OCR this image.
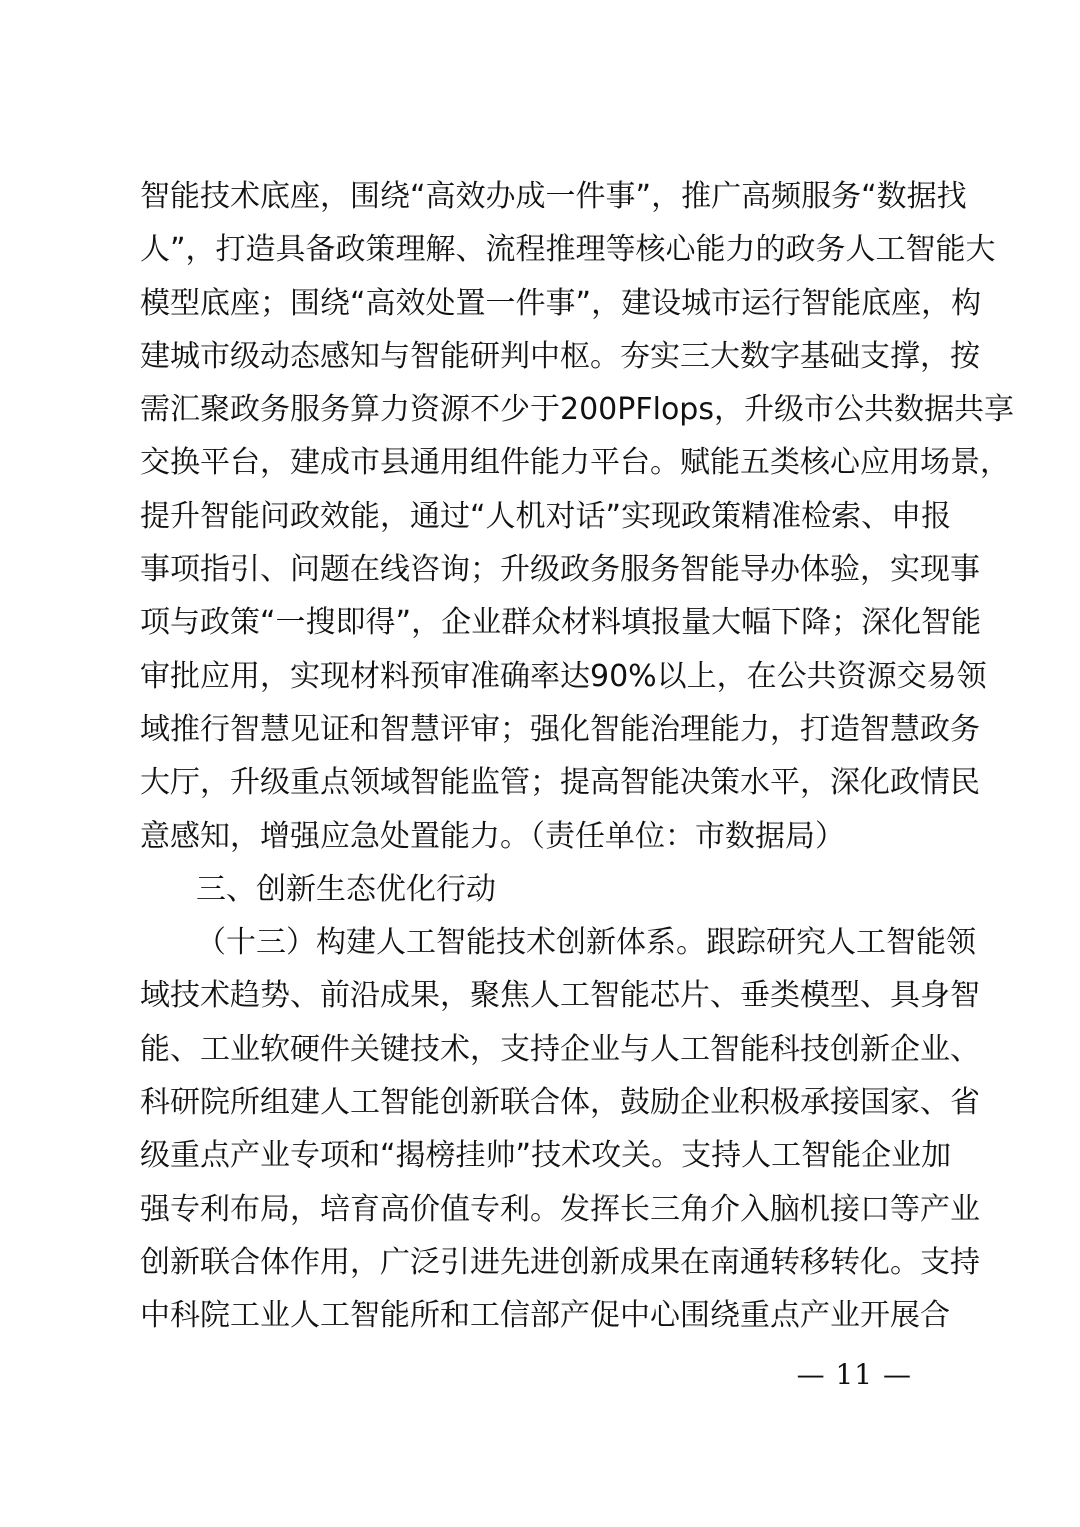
智能技术底座，围绕“高效办成一件事”，推广高频服务“数据找
人”，打造具备政策理解、流程推理等核心能力的政务人工智能大
模型底座；围绕“高效处置一件事”，建设城市运行智能底座，构
建城市级动态感知与智能研判中枢。夯实三大数字基础支撑，按
需汇聚政务服务算力资源不少于200PFlops，升级市公共数据共享
交换平台，建成市县通用组件能力平台。赋能五类核心应用场景，
提升智能问政效能，通过“人机对话”实现政策精准检索、申报
事项指引、问题在线咨询；升级政务服务智能导办体验，实现事
项与政策“一搜即得”，企业群众材料填报量大幅下降；深化智能
审批应用，实现材料预审准确率达90%以上，在公共资源交易领
域推行智慧见证和智慧评审；强化智能治理能力，打造智慧政务
大厅，升级重点领域智能监管；提高智能决策水平，深化政情民
意感知，增强应急处置能力。（责任单位：市数据局）
三、创新生态优化行动
（十三）构建人工智能技术创新体系。跟踪研究人工智能领
域技术趋势、前沿成果，聚焦人工智能芯片、垂类模型、具身智
能、工业软硬件关键技术，支持企业与人工智能科技创新企业、
科研院所组建人工智能创新联合体，鼓励企业积极承接国家、省
级重点产业专项和“揭榜挂帅”技术攻关。支持人工智能企业加
强专利布局，培育高价值专利。发挥长三角介入脑机接口等产业
创新联合体作用，广泛引进先进创新成果在南通转移转化。支持
中科院工业人工智能所和工信部产促中心围绕重点产业开展合
— 11 —
